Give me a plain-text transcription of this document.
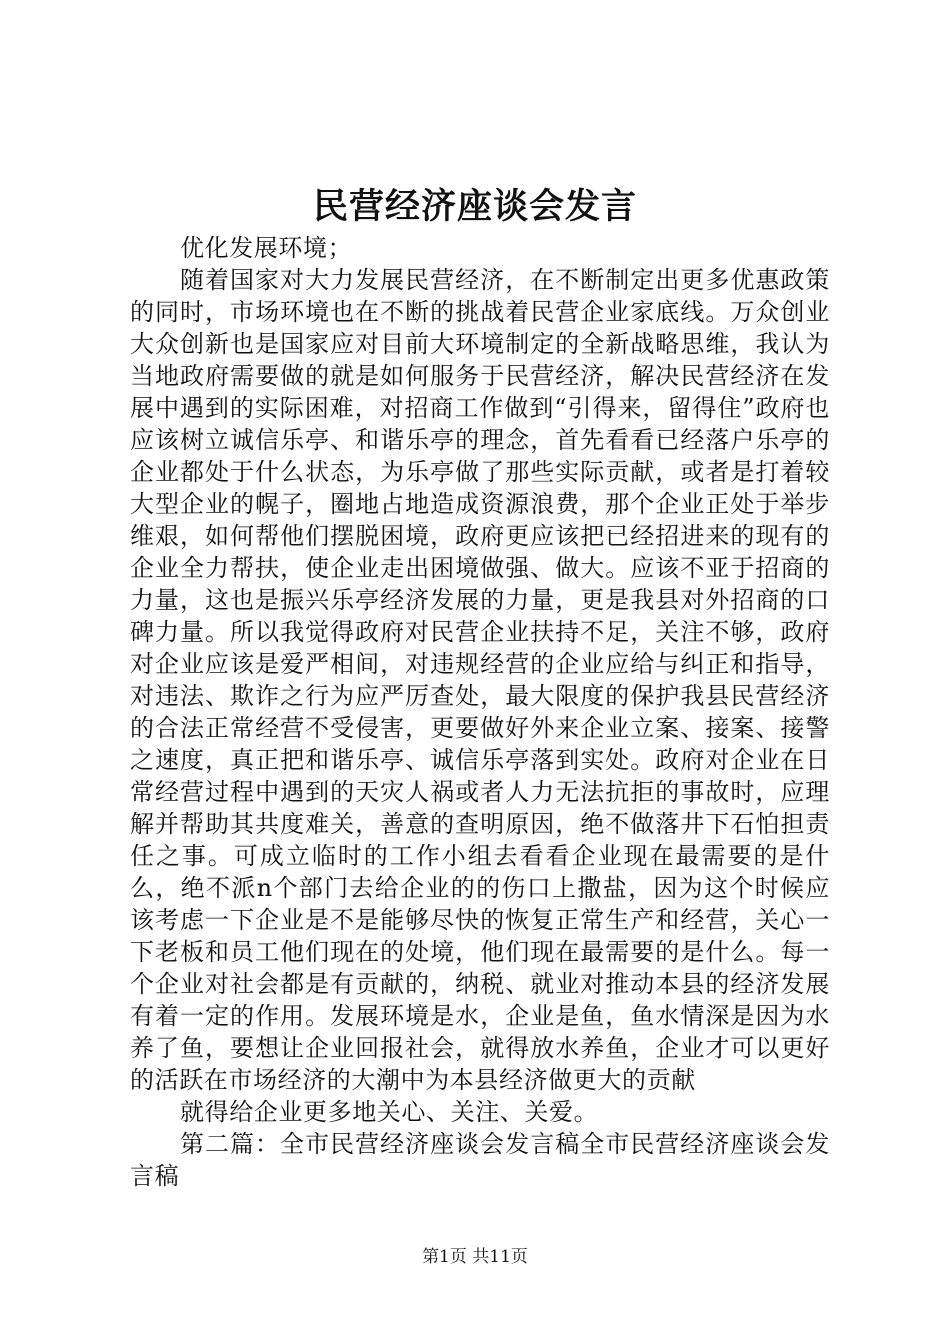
民营经济座谈会发言

优化发展环境；

随着国家对大力发展民营经济，在不断制定出更多优惠政策的同时，市场环境也在不断的挑战着民营企业家底线。万众创业大众创新也是国家应对目前大环境制定的全新战略思维，我认为当地政府需要做的就是如何服务于民营经济，解决民营经济在发展中遇到的实际困难，对招商工作做到“引得来，留得住”政府也应该树立诚信乐亭、和谐乐亭的理念，首先看看已经落户乐亭的企业都处于什么状态，为乐亭做了那些实际贡献，或者是打着较大型企业的幌子，圈地占地造成资源浪费，那个企业正处于举步维艰，如何帮他们摆脱困境，政府更应该把已经招进来的现有的企业全力帮扶，使企业走出困境做强、做大。应该不亚于招商的力量，这也是振兴乐亭经济发展的力量，更是我县对外招商的口碑力量。所以我觉得政府对民营企业扶持不足，关注不够，政府对企业应该是爱严相间，对违规经营的企业应给与纠正和指导，对违法、欺诈之行为应严厉查处，最大限度的保护我县民营经济的合法正常经营不受侵害，更要做好外来企业立案、接案、接警之速度，真正把和谐乐亭、诚信乐亭落到实处。政府对企业在日常经营过程中遇到的天灾人祸或者人力无法抗拒的事故时，应理解并帮助其共度难关，善意的查明原因，绝不做落井下石怕担责任之事。可成立临时的工作小组去看看企业现在最需要的是什么，绝不派n个部门去给企业的的伤口上撒盐，因为这个时候应该考虑一下企业是不是能够尽快的恢复正常生产和经营，关心一下老板和员工他们现在的处境，他们现在最需要的是什么。每一个企业对社会都是有贡献的，纳税、就业对推动本县的经济发展有着一定的作用。发展环境是水，企业是鱼，鱼水情深是因为水养了鱼，要想让企业回报社会，就得放水养鱼，企业才可以更好的活跃在市场经济的大潮中为本县经济做更大的贡献

就得给企业更多地关心、关注、关爱。

第二篇：全市民营经济座谈会发言稿全市民营经济座谈会发言稿

第1页 共11页
